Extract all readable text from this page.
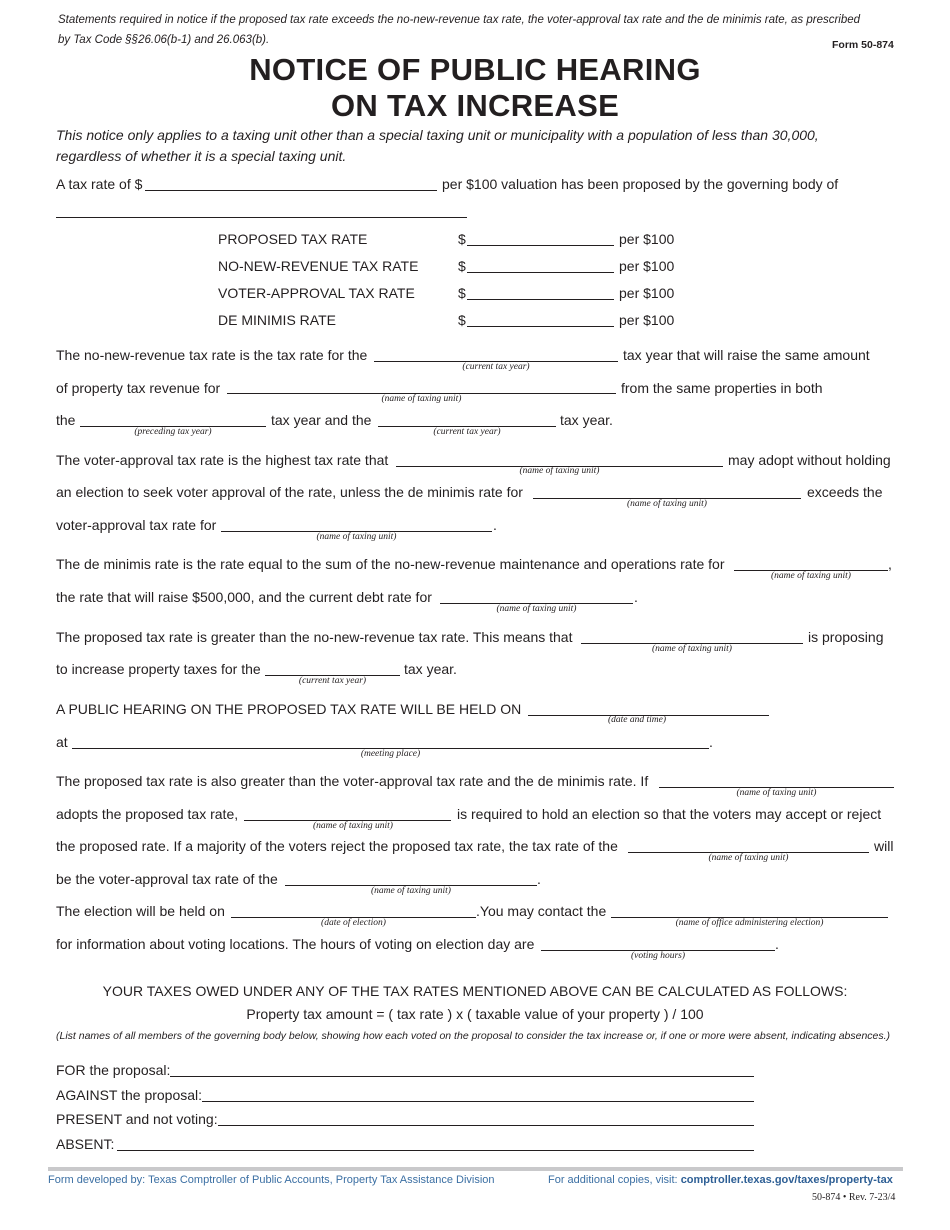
Statements required in notice if the proposed tax rate exceeds the no-new-revenue tax rate, the voter-approval tax rate and the de minimis rate, as prescribed
by Tax Code §§26.06(b-1) and 26.063(b).	Form 50-874
NOTICE OF PUBLIC HEARING
ON TAX INCREASE
This notice only applies to a taxing unit other than a special taxing unit or municipality with a population of less than 30,000,
regardless of whether it is a special taxing unit.
A tax rate of $	per $100 valuation has been proposed by the governing body of
PROPOSED TAX RATE	$	per $100
NO-NEW-REVENUE TAX RATE	$	per $100
VOTER-APPROVAL TAX RATE	$	per $100
DE MINIMIS RATE	$	per $100
The no-new-revenue tax rate is the tax rate for the
(current tax year)
tax year that will raise the same amount
of property tax revenue for
(name of taxing unit)
from the same properties in both
the
(preceding tax year)
tax year and the
(current tax year)
tax year.
The voter-approval tax rate is the highest tax rate that
(name of taxing unit)
may adopt without holding
an election to seek voter approval of the rate, unless the de minimis rate for
(name of taxing unit)
exceeds the
voter-approval tax rate for
(name of taxing unit)
.
The de minimis rate is the rate equal to the sum of the no-new-revenue maintenance and operations rate for
(name of taxing unit)
,
the rate that will raise $500,000, and the current debt rate for
(name of taxing unit)
.
The proposed tax rate is greater than the no-new-revenue tax rate. This means that
(name of taxing unit)
is proposing
to increase property taxes for the
(current tax year)
tax year.
A PUBLIC HEARING ON THE PROPOSED TAX RATE WILL BE HELD ON
(date and time)
at
(meeting place)
.
The proposed tax rate is also greater than the voter-approval tax rate and the de minimis rate. If
(name of taxing unit)
adopts the proposed tax rate,
(name of taxing unit)
is required to hold an election so that the voters may accept or reject
the proposed rate. If a majority of the voters reject the proposed tax rate, the tax rate of the
(name of taxing unit)
will
be the voter-approval tax rate of the
(name of taxing unit)
.
The election will be held on
(date of election)
.You may contact the
(name of office administering election)
for information about voting locations. The hours of voting on election day are
(voting hours)
.
YOUR TAXES OWED UNDER ANY OF THE TAX RATES MENTIONED ABOVE CAN BE CALCULATED AS FOLLOWS:
Property tax amount = ( tax rate ) x ( taxable value of your property ) / 100
(List names of all members of the governing body below, showing how each voted on the proposal to consider the tax increase or, if one or more were absent, indicating absences.)
FOR the proposal:
AGAINST the proposal:
PRESENT and not voting:
ABSENT:
Form developed by: Texas Comptroller of Public Accounts, Property Tax Assistance Division	For additional copies, visit: comptroller.texas.gov/taxes/property-tax
50-874 • Rev. 7-23/4
